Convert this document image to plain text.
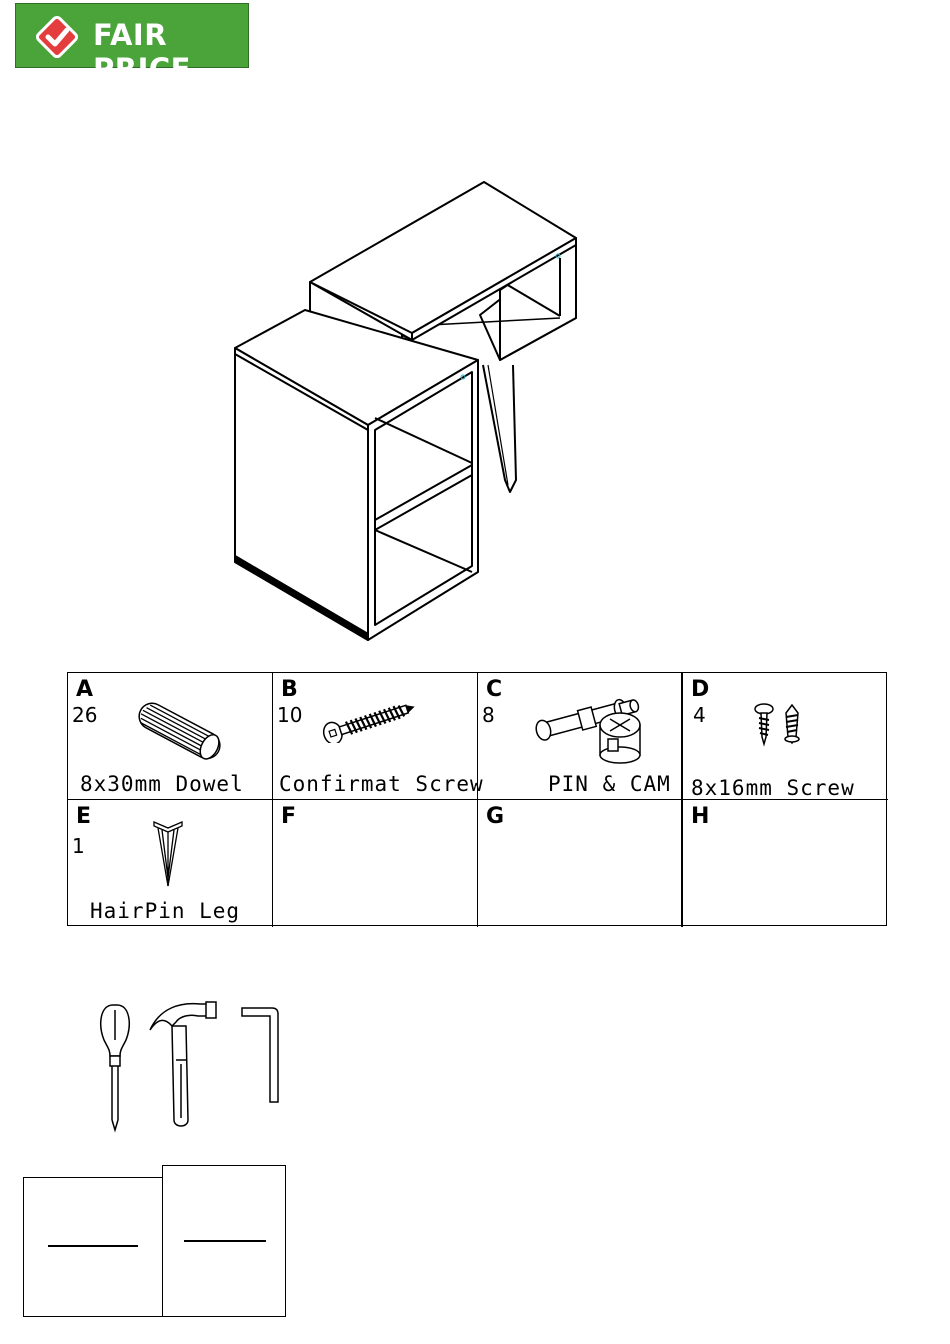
FAIR PRICE
A
26
8x30mm Dowel
B
10
Confirmat Screw
C
8
PIN & CAM
D
4
8x16mm Screw
E
1
HairPin Leg
F	G	H
